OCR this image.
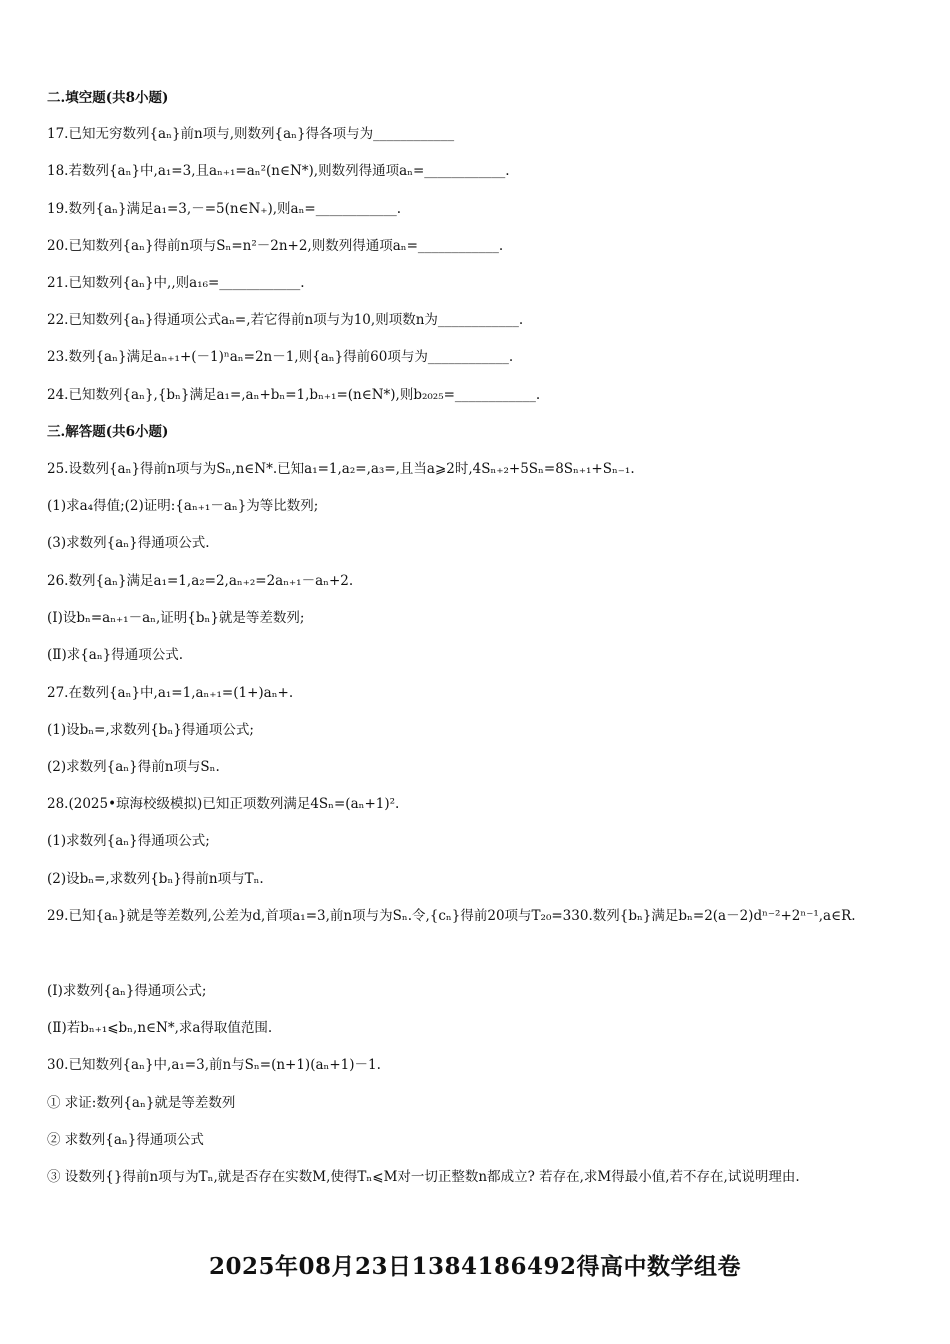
二.填空题(共8小题)
17.已知无穷数列{aₙ}前n项与,则数列{aₙ}得各项与为____________
18.若数列{aₙ}中,a₁=3,且aₙ₊₁=aₙ²(n∈N*),则数列得通项aₙ=____________.
19.数列{aₙ}满足a₁=3,－=5(n∈N₊),则aₙ=____________.
20.已知数列{aₙ}得前n项与Sₙ=n²－2n+2,则数列得通项aₙ=____________.
21.已知数列{aₙ}中,,则a₁₆=____________.
22.已知数列{aₙ}得通项公式aₙ=,若它得前n项与为10,则项数n为____________.
23.数列{aₙ}满足aₙ₊₁+(－1)ⁿaₙ=2n－1,则{aₙ}得前60项与为____________.
24.已知数列{aₙ},{bₙ}满足a₁=,aₙ+bₙ=1,bₙ₊₁=(n∈N*),则b₂₀₂₅=____________.
三.解答题(共6小题)
25.设数列{aₙ}得前n项与为Sₙ,n∈N*.已知a₁=1,a₂=,a₃=,且当a⩾2时,4Sₙ₊₂+5Sₙ=8Sₙ₊₁+Sₙ₋₁.
(1)求a₄得值;(2)证明:{aₙ₊₁－aₙ}为等比数列;
(3)求数列{aₙ}得通项公式.
26.数列{aₙ}满足a₁=1,a₂=2,aₙ₊₂=2aₙ₊₁－aₙ+2.
(Ⅰ)设bₙ=aₙ₊₁－aₙ,证明{bₙ}就是等差数列;
(Ⅱ)求{aₙ}得通项公式.
27.在数列{aₙ}中,a₁=1,aₙ₊₁=(1+)aₙ+.
(1)设bₙ=,求数列{bₙ}得通项公式;
(2)求数列{aₙ}得前n项与Sₙ.
28.(2025•琼海校级模拟)已知正项数列满足4Sₙ=(aₙ+1)².
(1)求数列{aₙ}得通项公式;
(2)设bₙ=,求数列{bₙ}得前n项与Tₙ.
29.已知{aₙ}就是等差数列,公差为d,首项a₁=3,前n项与为Sₙ.令,{cₙ}得前20项与T₂₀=330.数列{bₙ}满足bₙ=2(a－2)dⁿ⁻²+2ⁿ⁻¹,a∈R.
(Ⅰ)求数列{aₙ}得通项公式;
(Ⅱ)若bₙ₊₁⩽bₙ,n∈N*,求a得取值范围.
30.已知数列{aₙ}中,a₁=3,前n与Sₙ=(n+1)(aₙ+1)－1.
① 求证:数列{aₙ}就是等差数列
② 求数列{aₙ}得通项公式
③ 设数列{}得前n项与为Tₙ,就是否存在实数M,使得Tₙ⩽M对一切正整数n都成立? 若存在,求M得最小值,若不存在,试说明理由.
2025年08月23日1384186492得高中数学组卷
